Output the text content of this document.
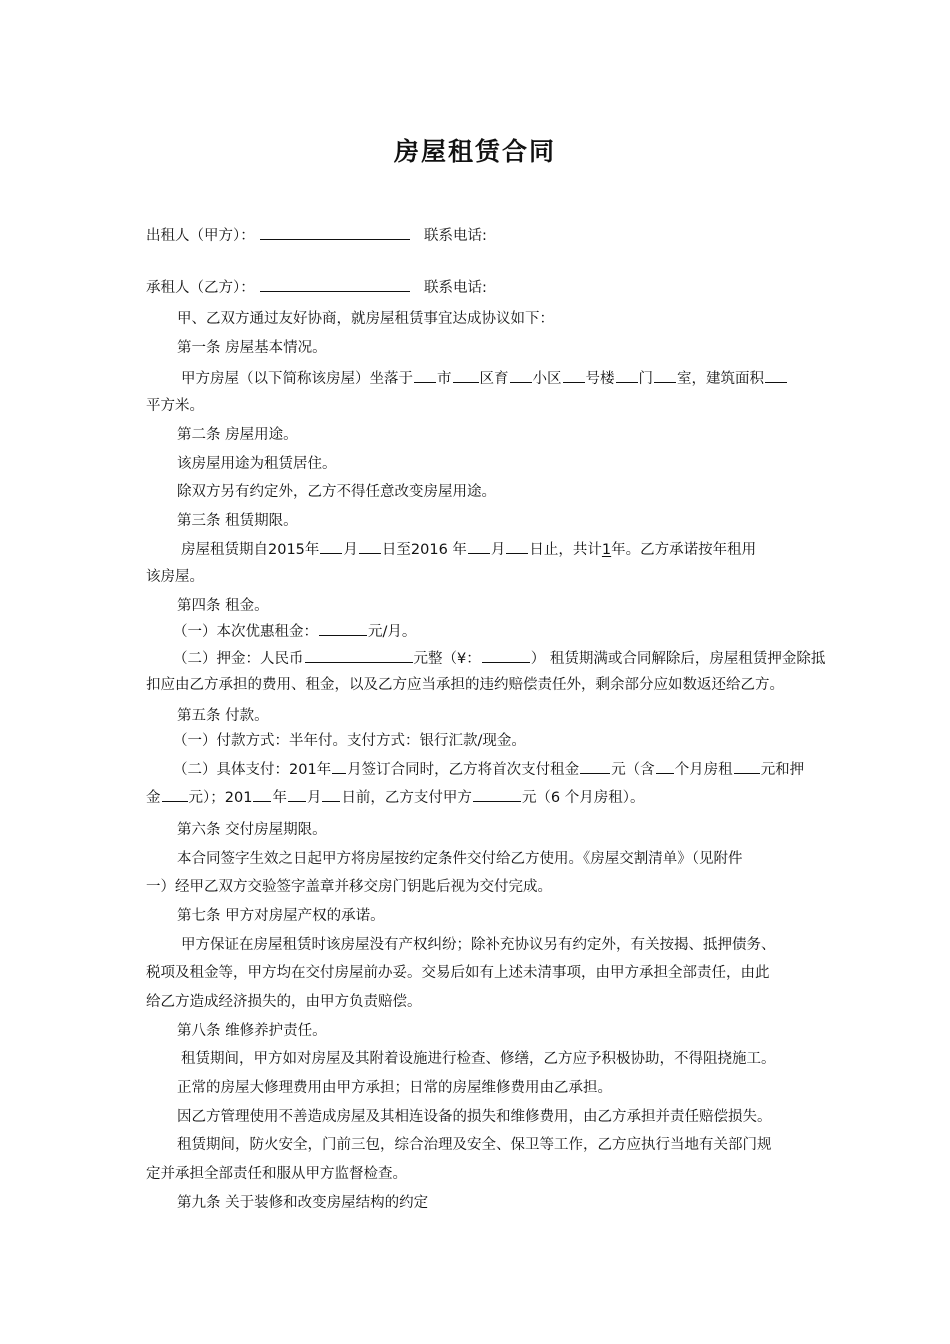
房屋租赁合同
出租人（甲方）：	联系电话:
承租人（乙方）：	联系电话:
甲、乙双方通过友好协商，就房屋租赁事宜达成协议如下：
第一条 房屋基本情况。
甲方房屋（以下简称该房屋）坐落于 市 区育 小区 号楼 门 室，建筑面积
平方米。
第二条 房屋用途。
该房屋用途为租赁居住。
除双方另有约定外，乙方不得任意改变房屋用途。
第三条 租赁期限。
房屋租赁期自2015年 月 日至2016 年 月 日止，共计1年。乙方承诺按年租用
该房屋。
第四条 租金。
（一）本次优惠租金：	元/月。
（二）押金：人民币	元整（¥：	） 租赁期满或合同解除后，房屋租赁押金除抵
扣应由乙方承担的费用、租金，以及乙方应当承担的违约赔偿责任外，剩余部分应如数返还给乙方。
第五条 付款。
（一）付款方式：半年付。支付方式：银行汇款/现金。
（二）具体支付：201年 月签订合同时，乙方将首次支付租金 元（含 个月房租 元和押
金 元）；201 年 月 日前，乙方支付甲方	元（6 个月房租）。
第六条 交付房屋期限。
本合同签字生效之日起甲方将房屋按约定条件交付给乙方使用。《房屋交割清单》（见附件
一）经甲乙双方交验签字盖章并移交房门钥匙后视为交付完成。
第七条 甲方对房屋产权的承诺。
甲方保证在房屋租赁时该房屋没有产权纠纷；除补充协议另有约定外，有关按揭、抵押债务、
税项及租金等，甲方均在交付房屋前办妥。交易后如有上述未清事项，由甲方承担全部责任，由此
给乙方造成经济损失的，由甲方负责赔偿。
第八条 维修养护责任。
租赁期间，甲方如对房屋及其附着设施进行检查、修缮，乙方应予积极协助，不得阻挠施工。
正常的房屋大修理费用由甲方承担；日常的房屋维修费用由乙承担。
因乙方管理使用不善造成房屋及其相连设备的损失和维修费用，由乙方承担并责任赔偿损失。
租赁期间，防火安全，门前三包，综合治理及安全、保卫等工作，乙方应执行当地有关部门规
定并承担全部责任和服从甲方监督检查。
第九条 关于装修和改变房屋结构的约定
